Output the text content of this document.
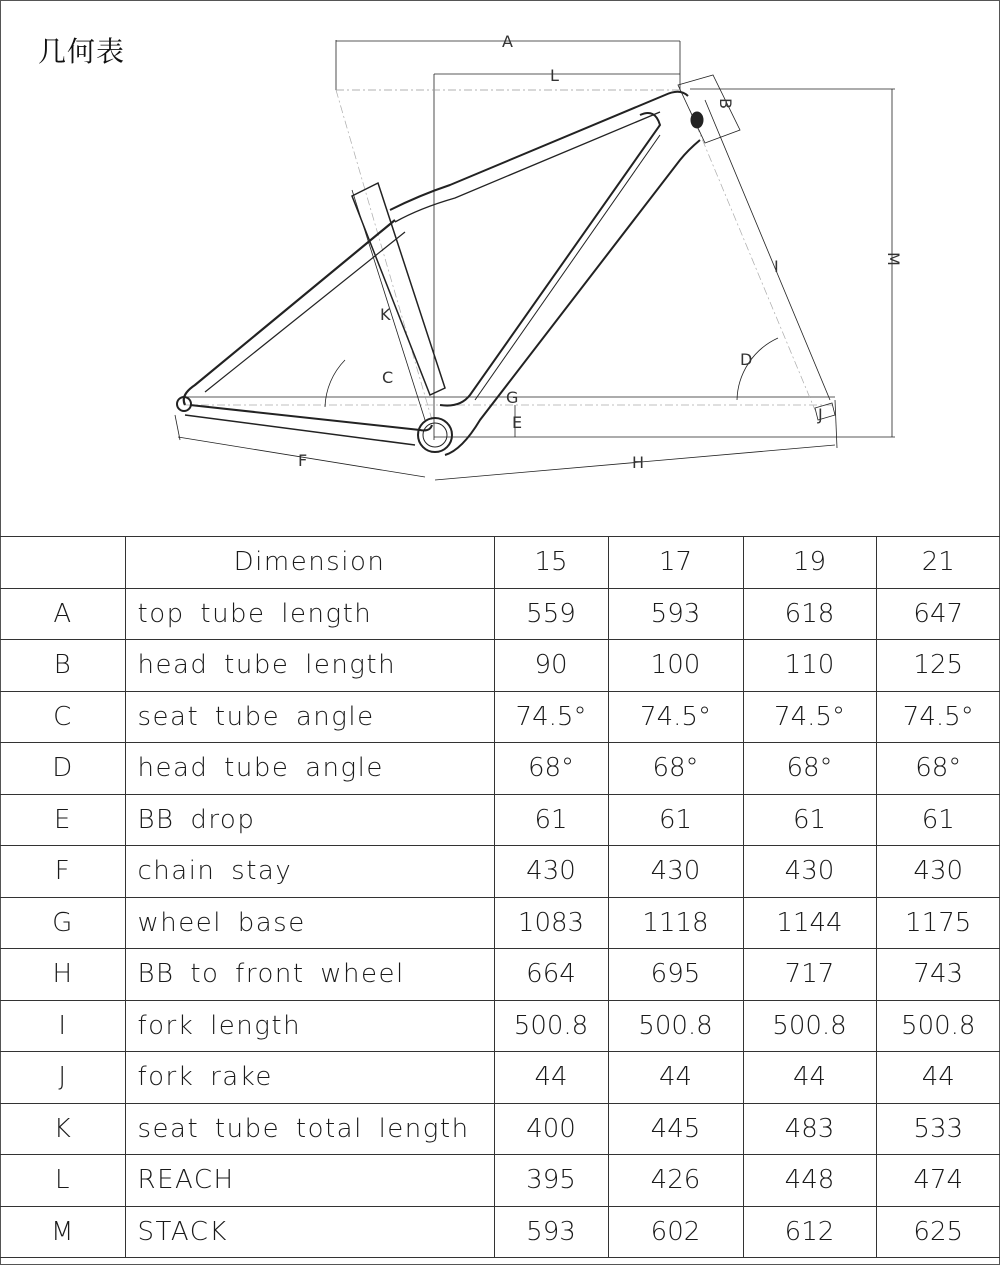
几何表	A
L
B
M
I
D
K
C
G
E
F	H
J
	Dimension	15	17	19	21
A	top tube length	559	593	618	647
B	head tube length	90	100	110	125
C	seat tube angle	74.5°	74.5°	74.5°	74.5°
D	head tube angle	68°	68°	68°	68°
E	BB drop	61	61	61	61
F	chain stay	430	430	430	430
G	wheel base	1083	1118	1144	1175
H	BB to front wheel	664	695	717	743
I	fork length	500.8	500.8	500.8	500.8
J	fork rake	44	44	44	44
K	seat tube total length	400	445	483	533
L	REACH	395	426	448	474
M	STACK	593	602	612	625
